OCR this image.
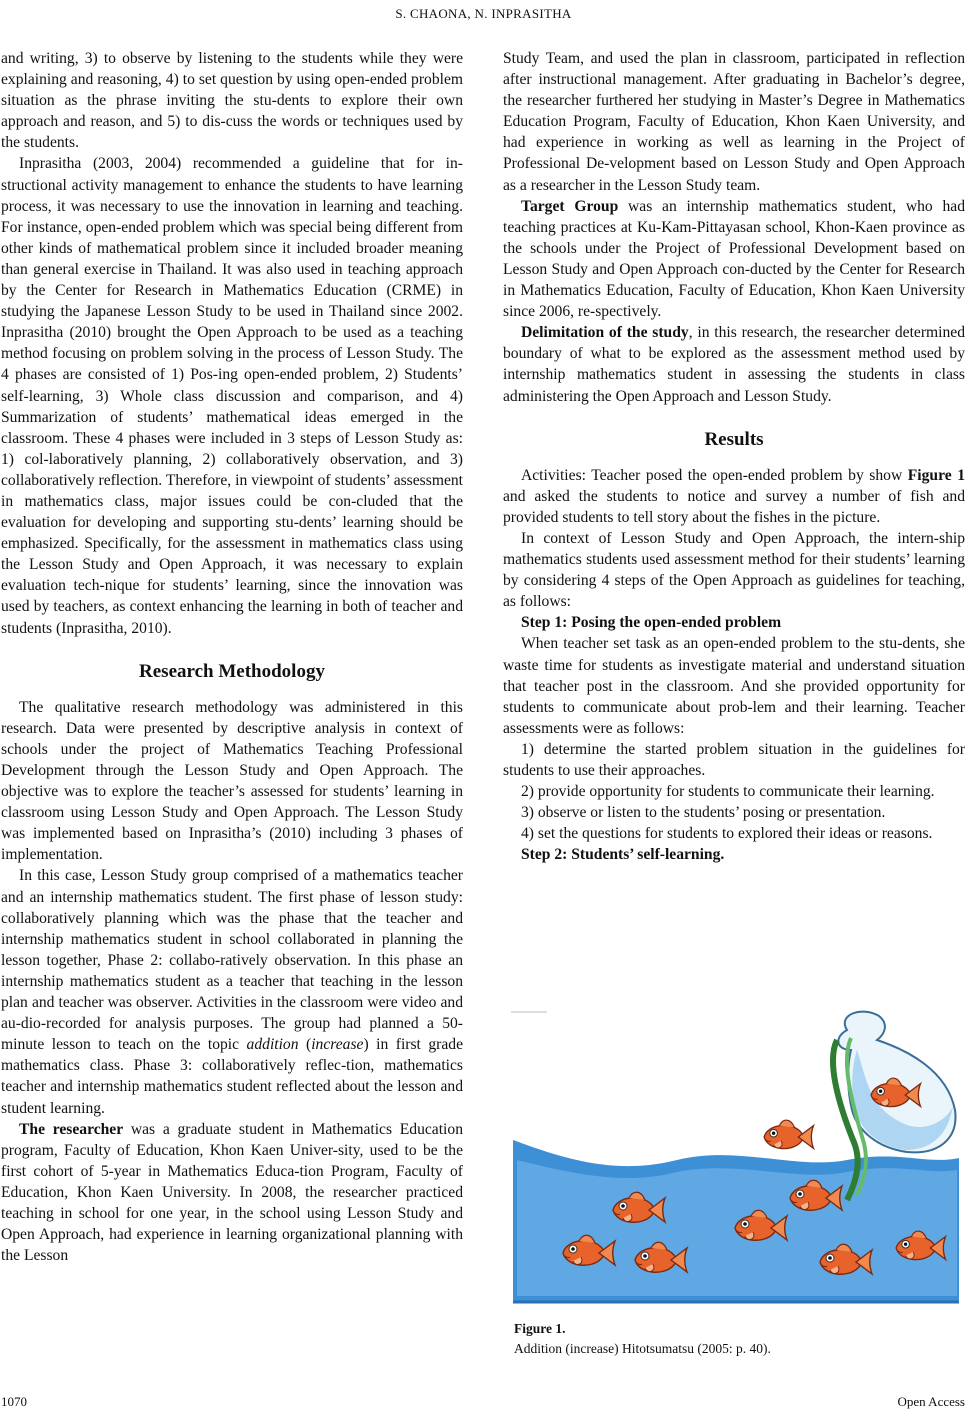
S. CHAONA, N. INPRASITHA

and writing, 3) to observe by listening to the students while they were explaining and reasoning, 4) to set question by using open-ended problem situation as the phrase inviting the stu-dents to explore their own approach and reason, and 5) to dis-cuss the words or techniques used by the students.

Inprasitha (2003, 2004) recommended a guideline that for in-structional activity management to enhance the students to have learning process, it was necessary to use the innovation in learning and teaching. For instance, open-ended problem which was special being different from other kinds of mathematical problem since it included broader meaning than general exercise in Thailand. It was also used in teaching approach by the Center for Research in Mathematics Education (CRME) in studying the Japanese Lesson Study to be used in Thailand since 2002. Inprasitha (2010) brought the Open Approach to be used as a teaching method focusing on problem solving in the process of Lesson Study. The 4 phases are consisted of 1) Pos-ing open-ended problem, 2) Students’ self-learning, 3) Whole class discussion and comparison, and 4) Summarization of students’ mathematical ideas emerged in the classroom. These 4 phases were included in 3 steps of Lesson Study as: 1) col-laboratively planning, 2) collaboratively observation, and 3) collaboratively reflection. Therefore, in viewpoint of students’ assessment in mathematics class, major issues could be con-cluded that the evaluation for developing and supporting stu-dents’ learning should be emphasized. Specifically, for the assessment in mathematics class using the Lesson Study and Open Approach, it was necessary to explain evaluation tech-nique for students’ learning, since the innovation was used by teachers, as context enhancing the learning in both of teacher and students (Inprasitha, 2010).

Research Methodology

The qualitative research methodology was administered in this research. Data were presented by descriptive analysis in context of schools under the project of Mathematics Teaching Professional Development through the Lesson Study and Open Approach. The objective was to explore the teacher’s assessed for students’ learning in classroom using Lesson Study and Open Approach. The Lesson Study was implemented based on Inprasitha’s (2010) including 3 phases of implementation.

In this case, Lesson Study group comprised of a mathematics teacher and an internship mathematics student. The first phase of lesson study: collaboratively planning which was the phase that the teacher and internship mathematics student in school collaborated in planning the lesson together, Phase 2: collabo-ratively observation. In this phase an internship mathematics student as a teacher that teaching in the lesson plan and teacher was observer. Activities in the classroom were video and au-dio-recorded for analysis purposes. The group had planned a 50-minute lesson to teach on the topic addition (increase) in first grade mathematics class. Phase 3: collaboratively reflec-tion, mathematics teacher and internship mathematics student reflected about the lesson and student learning.

The researcher was a graduate student in Mathematics Education program, Faculty of Education, Khon Kaen Univer-sity, used to be the first cohort of 5-year in Mathematics Educa-tion Program, Faculty of Education, Khon Kaen University. In 2008, the researcher practiced teaching in school for one year, in the school using Lesson Study and Open Approach, had experience in learning organizational planning with the Lesson

Study Team, and used the plan in classroom, participated in reflection after instructional management. After graduating in Bachelor’s degree, the researcher furthered her studying in Master’s Degree in Mathematics Education Program, Faculty of Education, Khon Kaen University, and had experience in working as well as learning in the Project of Professional De-velopment based on Lesson Study and Open Approach as a researcher in the Lesson Study team.

Target Group was an internship mathematics student, who had teaching practices at Ku-Kam-Pittayasan school, Khon-Kaen province as the schools under the Project of Professional Development based on Lesson Study and Open Approach con-ducted by the Center for Research in Mathematics Education, Faculty of Education, Khon Kaen University since 2006, re-spectively.

Delimitation of the study, in this research, the researcher determined boundary of what to be explored as the assessment method used by internship mathematics student in assessing the students in class administering the Open Approach and Lesson Study.

Results

Activities: Teacher posed the open-ended problem by show Figure 1 and asked the students to notice and survey a number of fish and provided students to tell story about the fishes in the picture.

In context of Lesson Study and Open Approach, the intern-ship mathematics students used assessment method for their students’ learning by considering 4 steps of the Open Approach as guidelines for teaching, as follows:

Step 1: Posing the open-ended problem

When teacher set task as an open-ended problem to the stu-dents, she waste time for students as investigate material and understand situation that teacher post in the classroom. And she provided opportunity for students to communicate about prob-lem and their learning. Teacher assessments were as follows:

1) determine the started problem situation in the guidelines for students to use their approaches.

2) provide opportunity for students to communicate their learning.

3) observe or listen to the students’ posing or presentation.

4) set the questions for students to explored their ideas or reasons.

Step 2: Students’ self-learning.

Figure 1.
Addition (increase) Hitotsumatsu (2005: p. 40).
1070	Open Access
